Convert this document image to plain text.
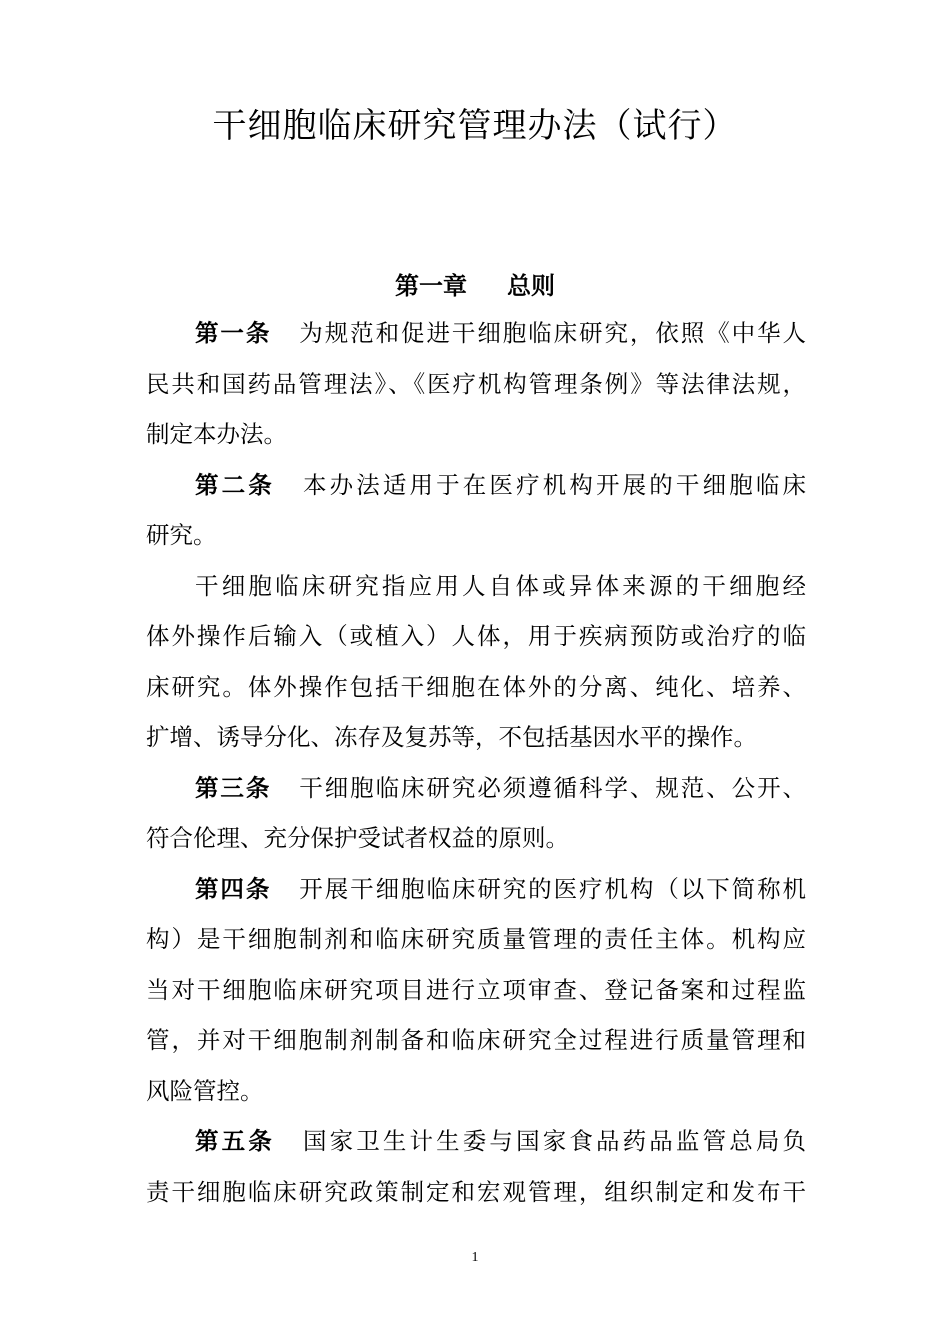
干细胞临床研究管理办法（试行）
第一章 总则
第一条 为规范和促进干细胞临床研究，依照《中华人
民共和国药品管理法》、《医疗机构管理条例》等法律法规，
制定本办法。
第二条 本办法适用于在医疗机构开展的干细胞临床
研究。
干细胞临床研究指应用人自体或异体来源的干细胞经
体外操作后输入（或植入）人体，用于疾病预防或治疗的临
床研究。体外操作包括干细胞在体外的分离、纯化、培养、
扩增、诱导分化、冻存及复苏等，不包括基因水平的操作。
第三条 干细胞临床研究必须遵循科学、规范、公开、
符合伦理、充分保护受试者权益的原则。
第四条 开展干细胞临床研究的医疗机构（以下简称机
构）是干细胞制剂和临床研究质量管理的责任主体。机构应
当对干细胞临床研究项目进行立项审查、登记备案和过程监
管，并对干细胞制剂制备和临床研究全过程进行质量管理和
风险管控。
第五条 国家卫生计生委与国家食品药品监管总局负
责干细胞临床研究政策制定和宏观管理，组织制定和发布干
1
